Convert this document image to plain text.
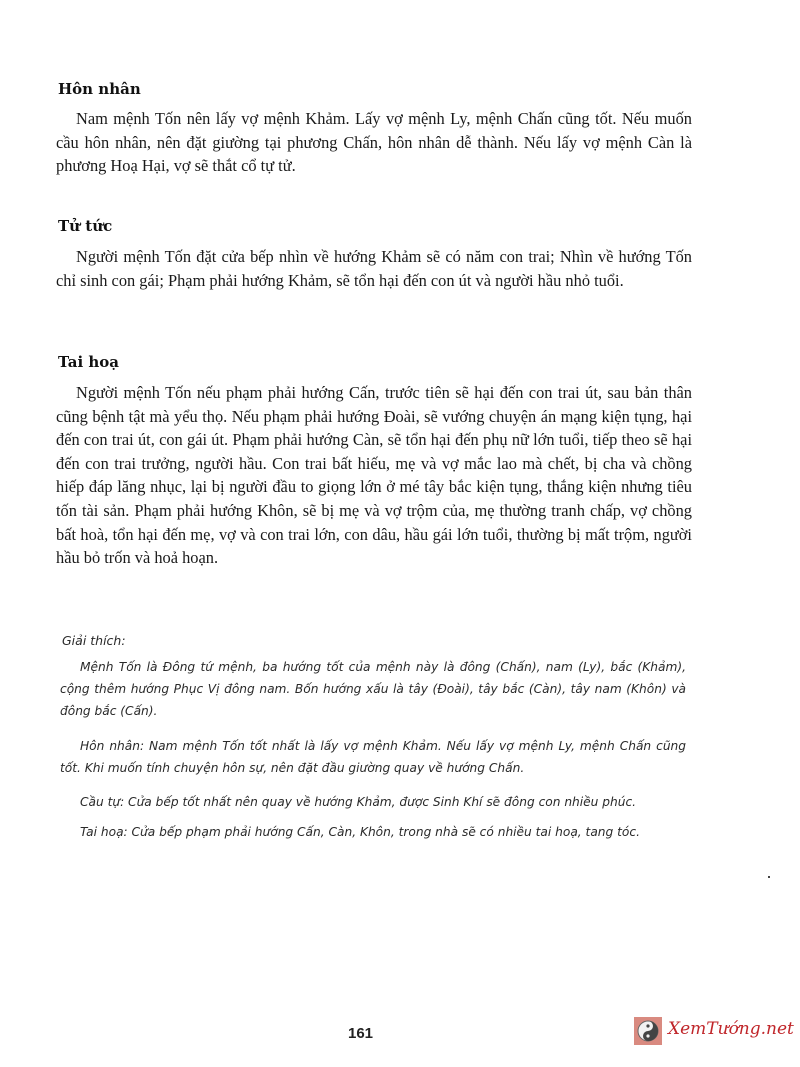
Hôn nhân

Nam mệnh Tốn nên lấy vợ mệnh Khảm. Lấy vợ mệnh Ly, mệnh Chấn cũng tốt. Nếu muốn cầu hôn nhân, nên đặt giường tại phương Chấn, hôn nhân dễ thành. Nếu lấy vợ mệnh Càn là phương Hoạ Hại, vợ sẽ thắt cổ tự tử.

Tử tức

Người mệnh Tốn đặt cửa bếp nhìn về hướng Khảm sẽ có năm con trai; Nhìn về hướng Tốn chỉ sinh con gái; Phạm phải hướng Khảm, sẽ tổn hại đến con út và người hầu nhỏ tuổi.

Tai hoạ

Người mệnh Tốn nếu phạm phải hướng Cấn, trước tiên sẽ hại đến con trai út, sau bản thân cũng bệnh tật mà yểu thọ. Nếu phạm phải hướng Đoài, sẽ vướng chuyện án mạng kiện tụng, hại đến con trai út, con gái út. Phạm phải hướng Càn, sẽ tổn hại đến phụ nữ lớn tuổi, tiếp theo sẽ hại đến con trai trưởng, người hầu. Con trai bất hiếu, mẹ và vợ mắc lao mà chết, bị cha và chồng hiếp đáp lăng nhục, lại bị người đầu to giọng lớn ở mé tây bắc kiện tụng, thắng kiện nhưng tiêu tốn tài sản. Phạm phải hướng Khôn, sẽ bị mẹ và vợ trộm của, mẹ thường tranh chấp, vợ chồng bất hoà, tổn hại đến mẹ, vợ và con trai lớn, con dâu, hầu gái lớn tuổi, thường bị mất trộm, người hầu bỏ trốn và hoả hoạn.

Giải thích:

Mệnh Tốn là Đông tứ mệnh, ba hướng tốt của mệnh này là đông (Chấn), nam (Ly), bắc (Khảm), cộng thêm hướng Phục Vị đông nam. Bốn hướng xấu là tây (Đoài), tây bắc (Càn), tây nam (Khôn) và đông bắc (Cấn).

Hôn nhân: Nam mệnh Tốn tốt nhất là lấy vợ mệnh Khảm. Nếu lấy vợ mệnh Ly, mệnh Chấn cũng tốt. Khi muốn tính chuyện hôn sự, nên đặt đầu giường quay về hướng Chấn.

Cầu tự: Cửa bếp tốt nhất nên quay về hướng Khảm, được Sinh Khí sẽ đông con nhiều phúc.

Tai hoạ: Cửa bếp phạm phải hướng Cấn, Càn, Khôn, trong nhà sẽ có nhiều tai hoạ, tang tóc.

161	XemTướng.net
